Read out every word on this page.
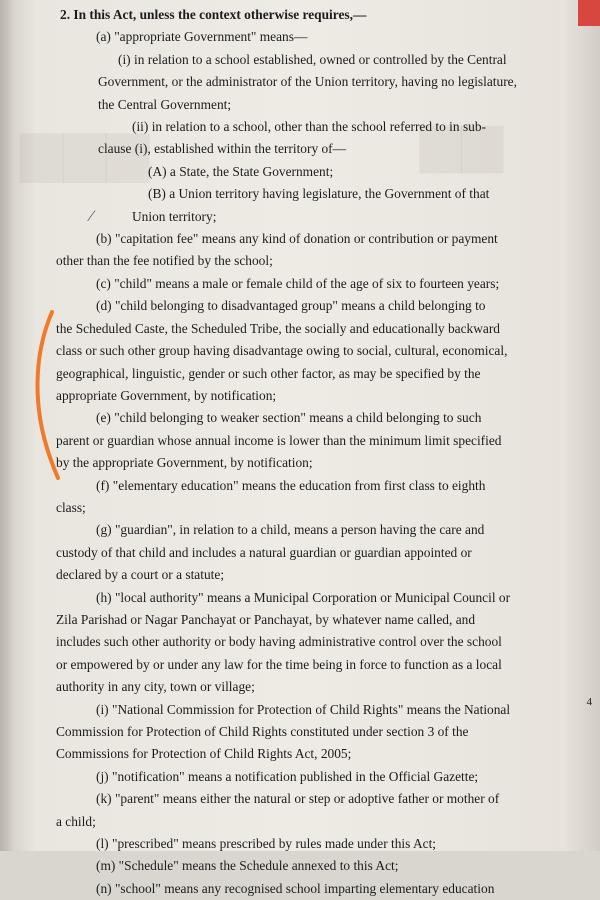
▆▆▆	▆▆
2. In this Act, unless the context otherwise requires,—
(a) "appropriate Government" means—
(i) in relation to a school established, owned or controlled by the Central
Government, or the administrator of the Union territory, having no legislature,
the Central Government;
(ii) in relation to a school, other than the school referred to in sub-
clause (i), established within the territory of—
(A) a State, the State Government;
(B) a Union territory having legislature, the Government of that
Union territory;
(b) "capitation fee" means any kind of donation or contribution or payment
other than the fee notified by the school;
(c) "child" means a male or female child of the age of six to fourteen years;
(d) "child belonging to disadvantaged group" means a child belonging to
the Scheduled Caste, the Scheduled Tribe, the socially and educationally backward
class or such other group having disadvantage owing to social, cultural, economical,
geographical, linguistic, gender or such other factor, as may be specified by the
appropriate Government, by notification;
(e) "child belonging to weaker section" means a child belonging to such
parent or guardian whose annual income is lower than the minimum limit specified
by the appropriate Government, by notification;
(f) "elementary education" means the education from first class to eighth
class;
(g) "guardian", in relation to a child, means a person having the care and
custody of that child and includes a natural guardian or guardian appointed or
declared by a court or a statute;
(h) "local authority" means a Municipal Corporation or Municipal Council or
Zila Parishad or Nagar Panchayat or Panchayat, by whatever name called, and
includes such other authority or body having administrative control over the school
or empowered by or under any law for the time being in force to function as a local
authority in any city, town or village;
(i) "National Commission for Protection of Child Rights" means the National
Commission for Protection of Child Rights constituted under section 3 of the
Commissions for Protection of Child Rights Act, 2005;
(j) "notification" means a notification published in the Official Gazette;
(k) "parent" means either the natural or step or adoptive father or mother of
a child;
(l) "prescribed" means prescribed by rules made under this Act;
(m) "Schedule" means the Schedule annexed to this Act;
(n) "school" means any recognised school imparting elementary education
4
⁄
